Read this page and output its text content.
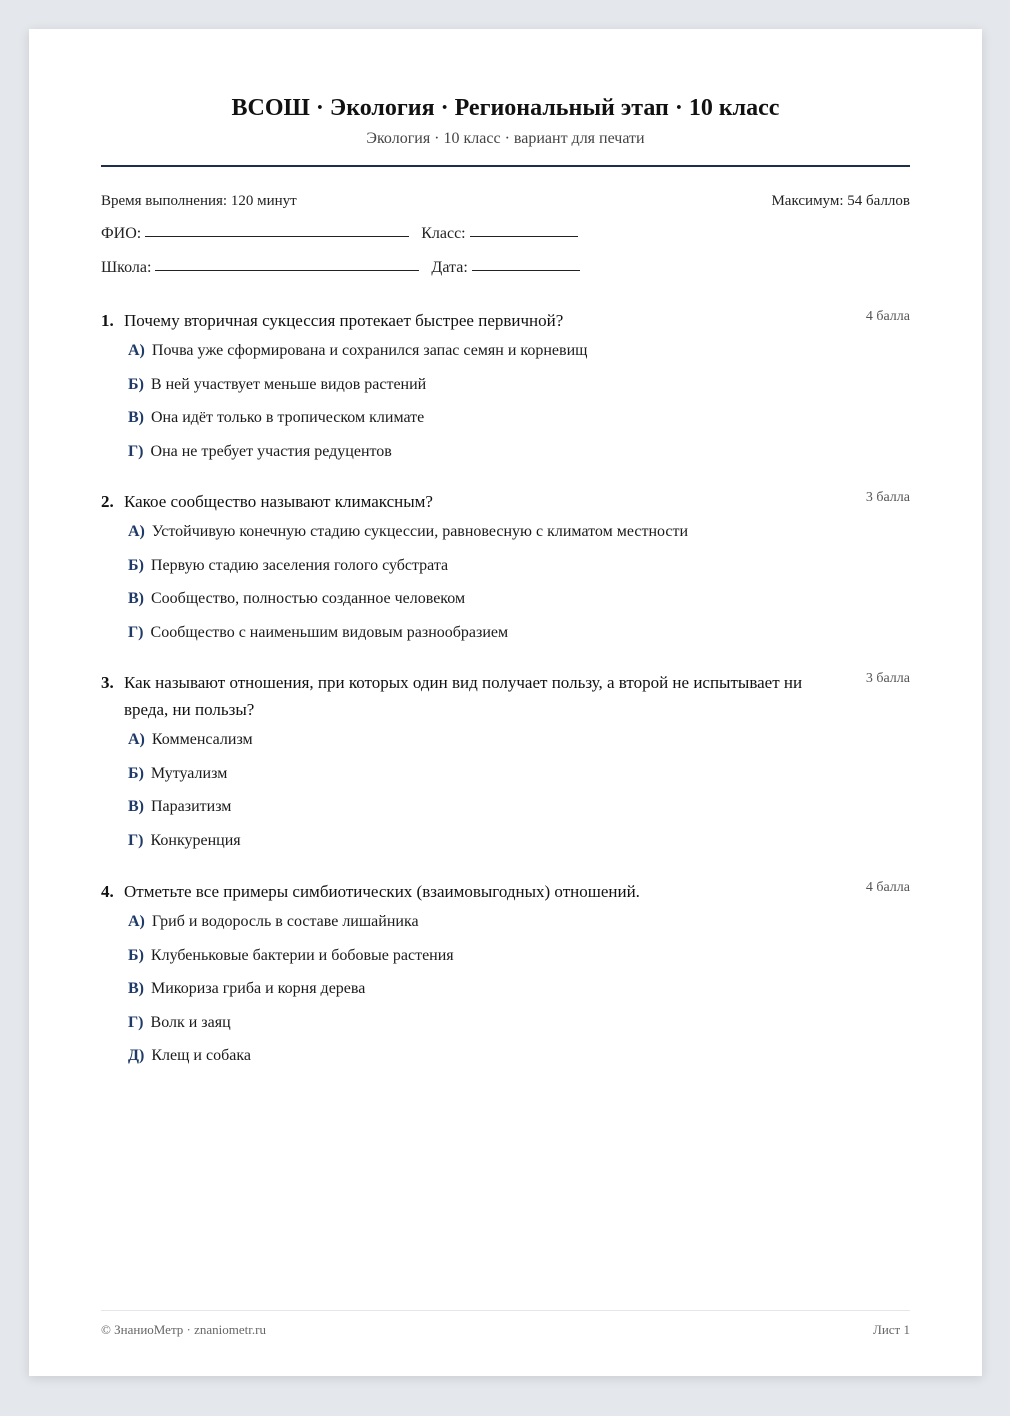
ВСОШ · Экология · Региональный этап · 10 класс
Экология · 10 класс · вариант для печати
Время выполнения: 120 минут	Максимум: 54 баллов
ФИО:	Класс:
Школа:	Дата:
1. Почему вторичная сукцессия протекает быстрее первичной?	4 балла
А) Почва уже сформирована и сохранился запас семян и корневищ
Б) В ней участвует меньше видов растений
В) Она идёт только в тропическом климате
Г) Она не требует участия редуцентов
2. Какое сообщество называют климаксным?	3 балла
А) Устойчивую конечную стадию сукцессии, равновесную с климатом местности
Б) Первую стадию заселения голого субстрата
В) Сообщество, полностью созданное человеком
Г) Сообщество с наименьшим видовым разнообразием
3. Как называют отношения, при которых один вид получает пользу, а второй не испытывает ни вреда, ни пользы?
3 балла
А) Комменсализм
Б) Мутуализм
В) Паразитизм
Г) Конкуренция
4. Отметьте все примеры симбиотических (взаимовыгодных) отношений.	4 балла
А) Гриб и водоросль в составе лишайника
Б) Клубеньковые бактерии и бобовые растения
В) Микориза гриба и корня дерева
Г) Волк и заяц
Д) Клещ и собака
© ЗнаниоМетр · znaniometr.ru	Лист 1
